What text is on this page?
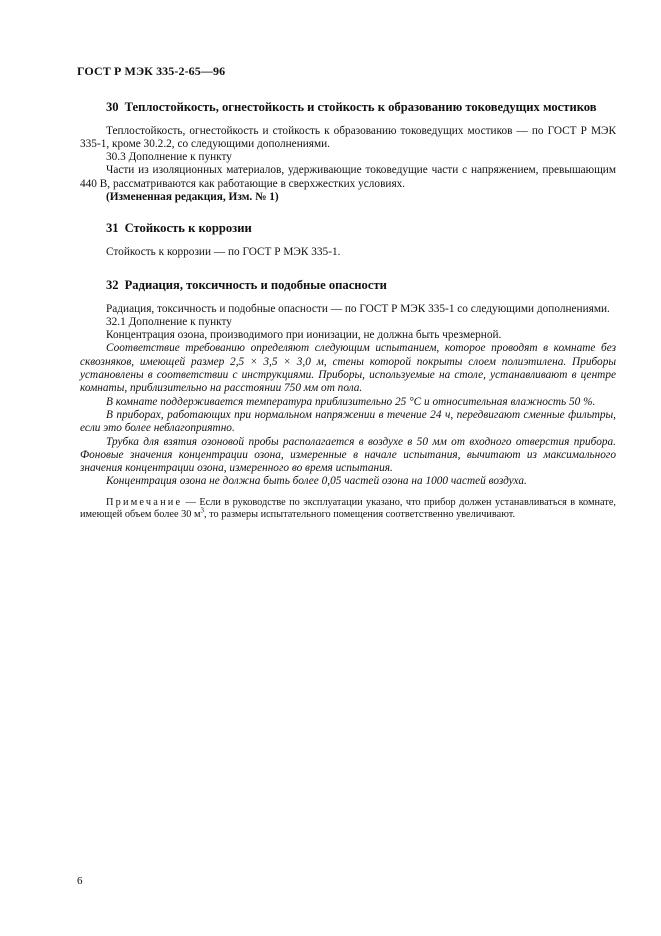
ГОСТ Р МЭК 335-2-65—96
30 Теплостойкость, огнестойкость и стойкость к образованию токоведущих мостиков

Теплостойкость, огнестойкость и стойкость к образованию токоведущих мостиков — по ГОСТ Р МЭК 335-1, кроме 30.2.2, со следующими дополнениями.

30.3 Дополнение к пункту

Части из изоляционных материалов, удерживающие токоведущие части с напряжением, превышающим 440 В, рассматриваются как работающие в сверхжестких условиях.

(Измененная редакция, Изм. № 1)

31 Стойкость к коррозии

Стойкость к коррозии — по ГОСТ Р МЭК 335-1.

32 Радиация, токсичность и подобные опасности

Радиация, токсичность и подобные опасности — по ГОСТ Р МЭК 335-1 со следующими дополнениями.

32.1 Дополнение к пункту

Концентрация озона, производимого при ионизации, не должна быть чрезмерной.

Соответствие требованию определяют следующим испытанием, которое проводят в комнате без сквозняков, имеющей размер 2,5 × 3,5 × 3,0 м, стены которой покрыты слоем полиэтилена. Приборы установлены в соответствии с инструкциями. Приборы, используемые на столе, устанавливают в центре комнаты, приблизительно на расстоянии 750 мм от пола.

В комнате поддерживается температура приблизительно 25 °С и относительная влажность 50 %.

В приборах, работающих при нормальном напряжении в течение 24 ч, передвигают сменные фильтры, если это более неблагоприятно.

Трубка для взятия озоновой пробы располагается в воздухе в 50 мм от входного отверстия прибора. Фоновые значения концентрации озона, измеренные в начале испытания, вычитают из максимального значения концентрации озона, измеренного во время испытания.

Концентрация озона не должна быть более 0,05 частей озона на 1000 частей воздуха.

Примечание — Если в руководстве по эксплуатации указано, что прибор должен устанавливаться в комнате, имеющей объем более 30 $м^3$, то размеры испытательного помещения соответственно увеличивают.
6
